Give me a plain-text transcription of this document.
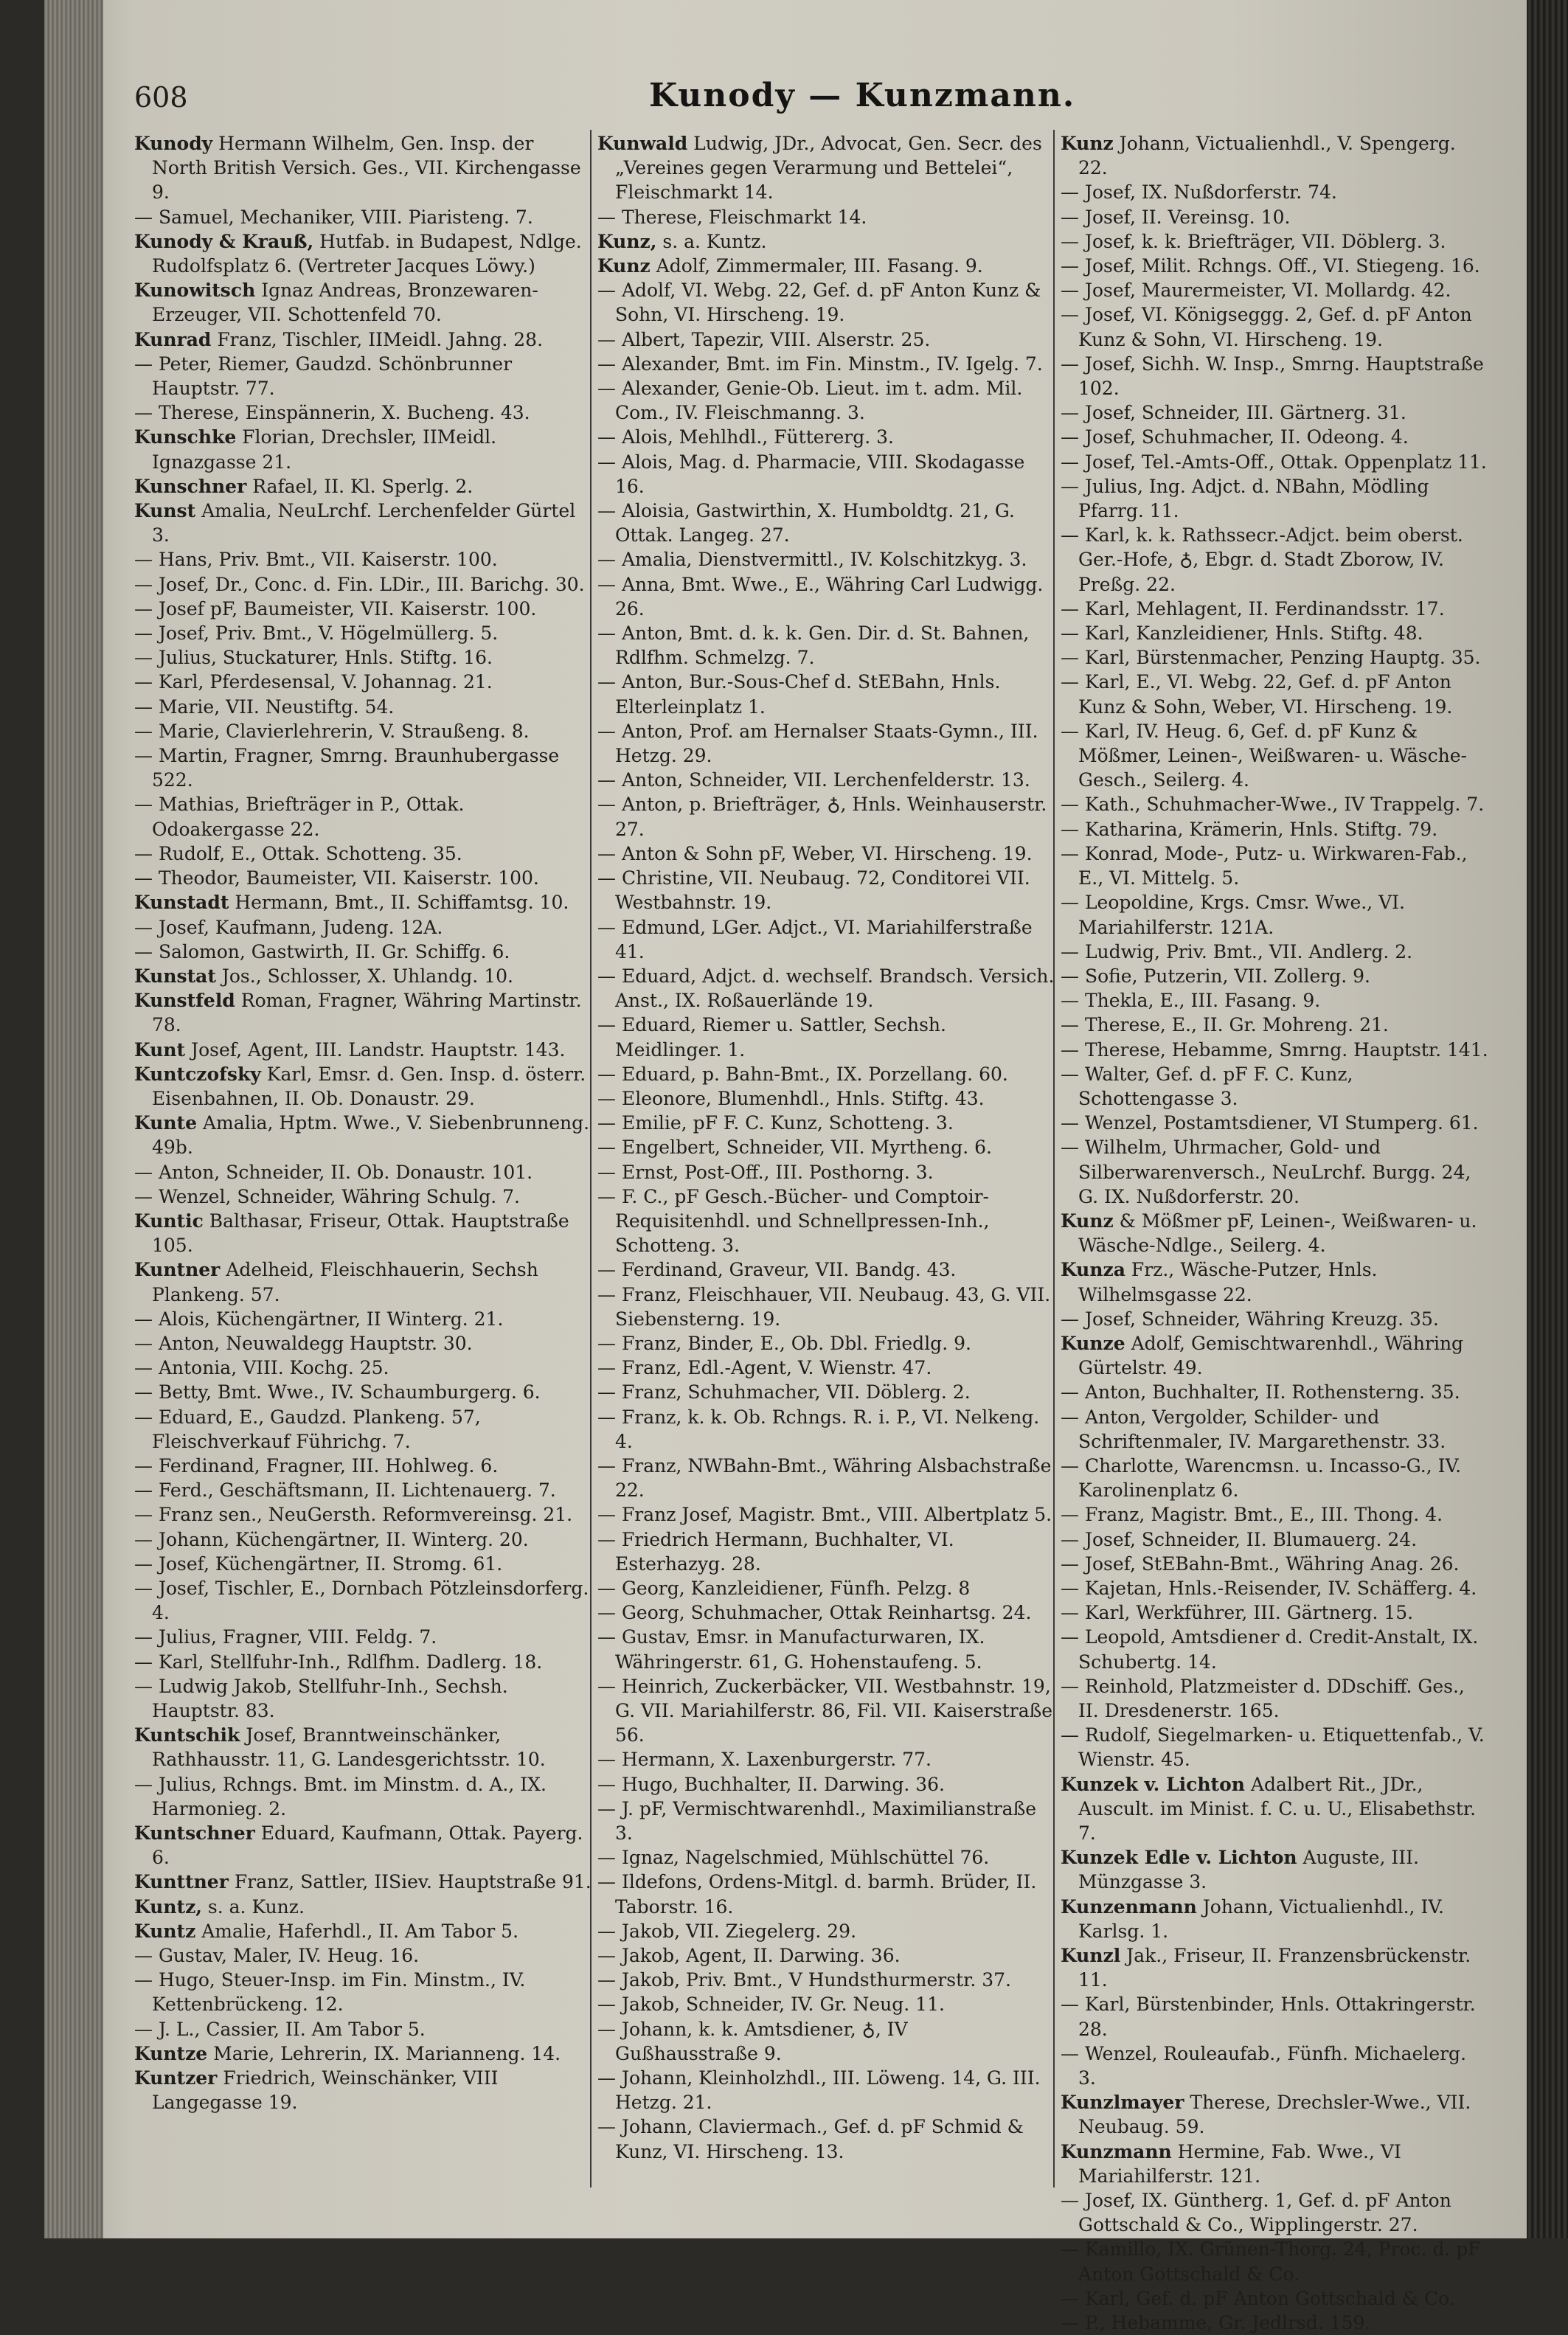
608	Kunody — Kunzmann.

Kunody Hermann Wilhelm, Gen. Insp. der North British Versich. Ges., VII. Kirchengasse 9.

— Samuel, Mechaniker, VIII. Piaristeng. 7.

Kunody & Krauß, Hutfab. in Budapest, Ndlge. Rudolfsplatz 6. (Vertreter Jacques Löwy.)

Kunowitsch Ignaz Andreas, Bronzewaren-Erzeuger, VII. Schottenfeld 70.

Kunrad Franz, Tischler, IIMeidl. Jahng. 28.

— Peter, Riemer, Gaudzd. Schönbrunner Hauptstr. 77.

— Therese, Einspännerin, X. Bucheng. 43.

Kunschke Florian, Drechsler, IIMeidl. Ignazgasse 21.

Kunschner Rafael, II. Kl. Sperlg. 2.

Kunst Amalia, NeuLrchf. Lerchenfelder Gürtel 3.

— Hans, Priv. Bmt., VII. Kaiserstr. 100.

— Josef, Dr., Conc. d. Fin. LDir., III. Barichg. 30.

— Josef pF, Baumeister, VII. Kaiserstr. 100.

— Josef, Priv. Bmt., V. Högelmüllerg. 5.

— Julius, Stuckaturer, Hnls. Stiftg. 16.

— Karl, Pferdesensal, V. Johannag. 21.

— Marie, VII. Neustiftg. 54.

— Marie, Clavierlehrerin, V. Straußeng. 8.

— Martin, Fragner, Smrng. Braunhubergasse 522.

— Mathias, Briefträger in P., Ottak. Odoakergasse 22.

— Rudolf, E., Ottak. Schotteng. 35.

— Theodor, Baumeister, VII. Kaiserstr. 100.

Kunstadt Hermann, Bmt., II. Schiffamtsg. 10.

— Josef, Kaufmann, Judeng. 12A.

— Salomon, Gastwirth, II. Gr. Schiffg. 6.

Kunstat Jos., Schlosser, X. Uhlandg. 10.

Kunstfeld Roman, Fragner, Währing Martinstr. 78.

Kunt Josef, Agent, III. Landstr. Hauptstr. 143.

Kuntczofsky Karl, Emsr. d. Gen. Insp. d. österr. Eisenbahnen, II. Ob. Donaustr. 29.

Kunte Amalia, Hptm. Wwe., V. Siebenbrunneng. 49b.

— Anton, Schneider, II. Ob. Donaustr. 101.

— Wenzel, Schneider, Währing Schulg. 7.

Kuntic Balthasar, Friseur, Ottak. Hauptstraße 105.

Kuntner Adelheid, Fleischhauerin, Sechsh Plankeng. 57.

— Alois, Küchengärtner, II Winterg. 21.

— Anton, Neuwaldegg Hauptstr. 30.

— Antonia, VIII. Kochg. 25.

— Betty, Bmt. Wwe., IV. Schaumburgerg. 6.

— Eduard, E., Gaudzd. Plankeng. 57, Fleischverkauf Führichg. 7.

— Ferdinand, Fragner, III. Hohlweg. 6.

— Ferd., Geschäftsmann, II. Lichtenauerg. 7.

— Franz sen., NeuGersth. Reformvereinsg. 21.

— Johann, Küchengärtner, II. Winterg. 20.

— Josef, Küchengärtner, II. Stromg. 61.

— Josef, Tischler, E., Dornbach Pötzleinsdorferg. 4.

— Julius, Fragner, VIII. Feldg. 7.

— Karl, Stellfuhr-Inh., Rdlfhm. Dadlerg. 18.

— Ludwig Jakob, Stellfuhr-Inh., Sechsh. Hauptstr. 83.

Kuntschik Josef, Branntweinschänker, Rathhausstr. 11, G. Landesgerichtsstr. 10.

— Julius, Rchngs. Bmt. im Minstm. d. A., IX. Harmonieg. 2.

Kuntschner Eduard, Kaufmann, Ottak. Payerg. 6.

Kunttner Franz, Sattler, IISiev. Hauptstraße 91.

Kuntz, s. a. Kunz.

Kuntz Amalie, Haferhdl., II. Am Tabor 5.

— Gustav, Maler, IV. Heug. 16.

— Hugo, Steuer-Insp. im Fin. Minstm., IV. Kettenbrückeng. 12.

— J. L., Cassier, II. Am Tabor 5.

Kuntze Marie, Lehrerin, IX. Marianneng. 14.

Kuntzer Friedrich, Weinschänker, VIII Langegasse 19.

Kunwald Ludwig, JDr., Advocat, Gen. Secr. des „Vereines gegen Verarmung und Bettelei“, Fleischmarkt 14.

— Therese, Fleischmarkt 14.

Kunz, s. a. Kuntz.

Kunz Adolf, Zimmermaler, III. Fasang. 9.

— Adolf, VI. Webg. 22, Gef. d. pF Anton Kunz & Sohn, VI. Hirscheng. 19.

— Albert, Tapezir, VIII. Alserstr. 25.

— Alexander, Bmt. im Fin. Minstm., IV. Igelg. 7.

— Alexander, Genie-Ob. Lieut. im t. adm. Mil. Com., IV. Fleischmanng. 3.

— Alois, Mehlhdl., Füttererg. 3.

— Alois, Mag. d. Pharmacie, VIII. Skodagasse 16.

— Aloisia, Gastwirthin, X. Humboldtg. 21, G. Ottak. Langeg. 27.

— Amalia, Dienstvermittl., IV. Kolschitzkyg. 3.

— Anna, Bmt. Wwe., E., Währing Carl Ludwigg. 26.

— Anton, Bmt. d. k. k. Gen. Dir. d. St. Bahnen, Rdlfhm. Schmelzg. 7.

— Anton, Bur.-Sous-Chef d. StEBahn, Hnls. Elterleinplatz 1.

— Anton, Prof. am Hernalser Staats-Gymn., III. Hetzg. 29.

— Anton, Schneider, VII. Lerchenfelderstr. 13.

— Anton, p. Briefträger, ♁, Hnls. Weinhauserstr. 27.

— Anton & Sohn pF, Weber, VI. Hirscheng. 19.

— Christine, VII. Neubaug. 72, Conditorei VII. Westbahnstr. 19.

— Edmund, LGer. Adjct., VI. Mariahilferstraße 41.

— Eduard, Adjct. d. wechself. Brandsch. Versich. Anst., IX. Roßauerlände 19.

— Eduard, Riemer u. Sattler, Sechsh. Meidlinger. 1.

— Eduard, p. Bahn-Bmt., IX. Porzellang. 60.

— Eleonore, Blumenhdl., Hnls. Stiftg. 43.

— Emilie, pF F. C. Kunz, Schotteng. 3.

— Engelbert, Schneider, VII. Myrtheng. 6.

— Ernst, Post-Off., III. Posthorng. 3.

— F. C., pF Gesch.-Bücher- und Comptoir-Requisitenhdl. und Schnellpressen-Inh., Schotteng. 3.

— Ferdinand, Graveur, VII. Bandg. 43.

— Franz, Fleischhauer, VII. Neubaug. 43, G. VII. Siebensterng. 19.

— Franz, Binder, E., Ob. Dbl. Friedlg. 9.

— Franz, Edl.-Agent, V. Wienstr. 47.

— Franz, Schuhmacher, VII. Döblerg. 2.

— Franz, k. k. Ob. Rchngs. R. i. P., VI. Nelkeng. 4.

— Franz, NWBahn-Bmt., Währing Alsbachstraße 22.

— Franz Josef, Magistr. Bmt., VIII. Albertplatz 5.

— Friedrich Hermann, Buchhalter, VI. Esterhazyg. 28.

— Georg, Kanzleidiener, Fünfh. Pelzg. 8

— Georg, Schuhmacher, Ottak Reinhartsg. 24.

— Gustav, Emsr. in Manufacturwaren, IX. Währingerstr. 61, G. Hohenstaufeng. 5.

— Heinrich, Zuckerbäcker, VII. Westbahnstr. 19, G. VII. Mariahilferstr. 86, Fil. VII. Kaiserstraße 56.

— Hermann, X. Laxenburgerstr. 77.

— Hugo, Buchhalter, II. Darwing. 36.

— J. pF, Vermischtwarenhdl., Maximilianstraße 3.

— Ignaz, Nagelschmied, Mühlschüttel 76.

— Ildefons, Ordens-Mitgl. d. barmh. Brüder, II. Taborstr. 16.

— Jakob, VII. Ziegelerg. 29.

— Jakob, Agent, II. Darwing. 36.

— Jakob, Priv. Bmt., V Hundsthurmerstr. 37.

— Jakob, Schneider, IV. Gr. Neug. 11.

— Johann, k. k. Amtsdiener, ♁, IV Gußhausstraße 9.

— Johann, Kleinholzhdl., III. Löweng. 14, G. III. Hetzg. 21.

— Johann, Claviermach., Gef. d. pF Schmid & Kunz, VI. Hirscheng. 13.

Kunz Johann, Victualienhdl., V. Spengerg. 22.

— Josef, IX. Nußdorferstr. 74.

— Josef, II. Vereinsg. 10.

— Josef, k. k. Briefträger, VII. Döblerg. 3.

— Josef, Milit. Rchngs. Off., VI. Stiegeng. 16.

— Josef, Maurermeister, VI. Mollardg. 42.

— Josef, VI. Königseggg. 2, Gef. d. pF Anton Kunz & Sohn, VI. Hirscheng. 19.

— Josef, Sichh. W. Insp., Smrng. Hauptstraße 102.

— Josef, Schneider, III. Gärtnerg. 31.

— Josef, Schuhmacher, II. Odeong. 4.

— Josef, Tel.-Amts-Off., Ottak. Oppenplatz 11.

— Julius, Ing. Adjct. d. NBahn, Mödling Pfarrg. 11.

— Karl, k. k. Rathssecr.-Adjct. beim oberst. Ger.-Hofe, ♁, Ebgr. d. Stadt Zborow, IV. Preßg. 22.

— Karl, Mehlagent, II. Ferdinandsstr. 17.

— Karl, Kanzleidiener, Hnls. Stiftg. 48.

— Karl, Bürstenmacher, Penzing Hauptg. 35.

— Karl, E., VI. Webg. 22, Gef. d. pF Anton Kunz & Sohn, Weber, VI. Hirscheng. 19.

— Karl, IV. Heug. 6, Gef. d. pF Kunz & Mößmer, Leinen-, Weißwaren- u. Wäsche-Gesch., Seilerg. 4.

— Kath., Schuhmacher-Wwe., IV Trappelg. 7.

— Katharina, Krämerin, Hnls. Stiftg. 79.

— Konrad, Mode-, Putz- u. Wirkwaren-Fab., E., VI. Mittelg. 5.

— Leopoldine, Krgs. Cmsr. Wwe., VI. Mariahilferstr. 121A.

— Ludwig, Priv. Bmt., VII. Andlerg. 2.

— Sofie, Putzerin, VII. Zollerg. 9.

— Thekla, E., III. Fasang. 9.

— Therese, E., II. Gr. Mohreng. 21.

— Therese, Hebamme, Smrng. Hauptstr. 141.

— Walter, Gef. d. pF F. C. Kunz, Schottengasse 3.

— Wenzel, Postamtsdiener, VI Stumperg. 61.

— Wilhelm, Uhrmacher, Gold- und Silberwarenversch., NeuLrchf. Burgg. 24, G. IX. Nußdorferstr. 20.

Kunz & Mößmer pF, Leinen-, Weißwaren- u. Wäsche-Ndlge., Seilerg. 4.

Kunza Frz., Wäsche-Putzer, Hnls. Wilhelmsgasse 22.

— Josef, Schneider, Währing Kreuzg. 35.

Kunze Adolf, Gemischtwarenhdl., Währing Gürtelstr. 49.

— Anton, Buchhalter, II. Rothensterng. 35.

— Anton, Vergolder, Schilder- und Schriftenmaler, IV. Margarethenstr. 33.

— Charlotte, Warencmsn. u. Incasso-G., IV. Karolinenplatz 6.

— Franz, Magistr. Bmt., E., III. Thong. 4.

— Josef, Schneider, II. Blumauerg. 24.

— Josef, StEBahn-Bmt., Währing Anag. 26.

— Kajetan, Hnls.-Reisender, IV. Schäfferg. 4.

— Karl, Werkführer, III. Gärtnerg. 15.

— Leopold, Amtsdiener d. Credit-Anstalt, IX. Schubertg. 14.

— Reinhold, Platzmeister d. DDschiff. Ges., II. Dresdenerstr. 165.

— Rudolf, Siegelmarken- u. Etiquettenfab., V. Wienstr. 45.

Kunzek v. Lichton Adalbert Rit., JDr., Auscult. im Minist. f. C. u. U., Elisabethstr. 7.

Kunzek Edle v. Lichton Auguste, III. Münzgasse 3.

Kunzenmann Johann, Victualienhdl., IV. Karlsg. 1.

Kunzl Jak., Friseur, II. Franzensbrückenstr. 11.

— Karl, Bürstenbinder, Hnls. Ottakringerstr. 28.

— Wenzel, Rouleaufab., Fünfh. Michaelerg. 3.

Kunzlmayer Therese, Drechsler-Wwe., VII. Neubaug. 59.

Kunzmann Hermine, Fab. Wwe., VI Mariahilferstr. 121.

— Josef, IX. Güntherg. 1, Gef. d. pF Anton Gottschald & Co., Wipplingerstr. 27.

— Kamillo, IX. Grünen-Thorg. 24, Proc. d. pF Anton Gottschald & Co.

— Karl, Gef. d. pF Anton Gottschald & Co.

— P., Hebamme, Gr. Jedlrsd. 159.
